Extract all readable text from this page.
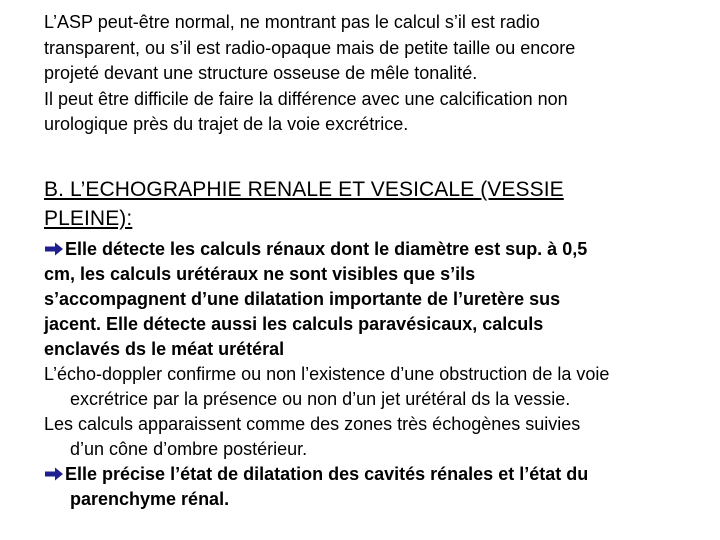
L’ASP peut-être normal, ne montrant pas le calcul s’il est radio
transparent, ou s’il est radio-opaque mais de petite taille ou encore
projeté devant une structure osseuse de mêle tonalité.
Il peut être difficile de faire la différence avec une calcification non
urologique près du trajet de la voie excrétrice.
B. L’ECHOGRAPHIE RENALE ET VESICALE (VESSIE
PLEINE):
Elle détecte les calculs rénaux dont le diamètre est sup. à 0,5
cm, les calculs urétéraux ne sont visibles que s’ils
s’accompagnent d’une dilatation importante de l’uretère sus
jacent. Elle détecte aussi les calculs paravésicaux, calculs
enclavés ds le méat urétéral
L’écho-doppler confirme ou non l’existence d’une obstruction de la voie
excrétrice par la présence ou non d’un jet urétéral ds la vessie.
Les calculs apparaissent comme des zones très échogènes suivies
d’un cône d’ombre postérieur.
Elle précise l’état de dilatation des cavités rénales et l’état du
parenchyme rénal.
